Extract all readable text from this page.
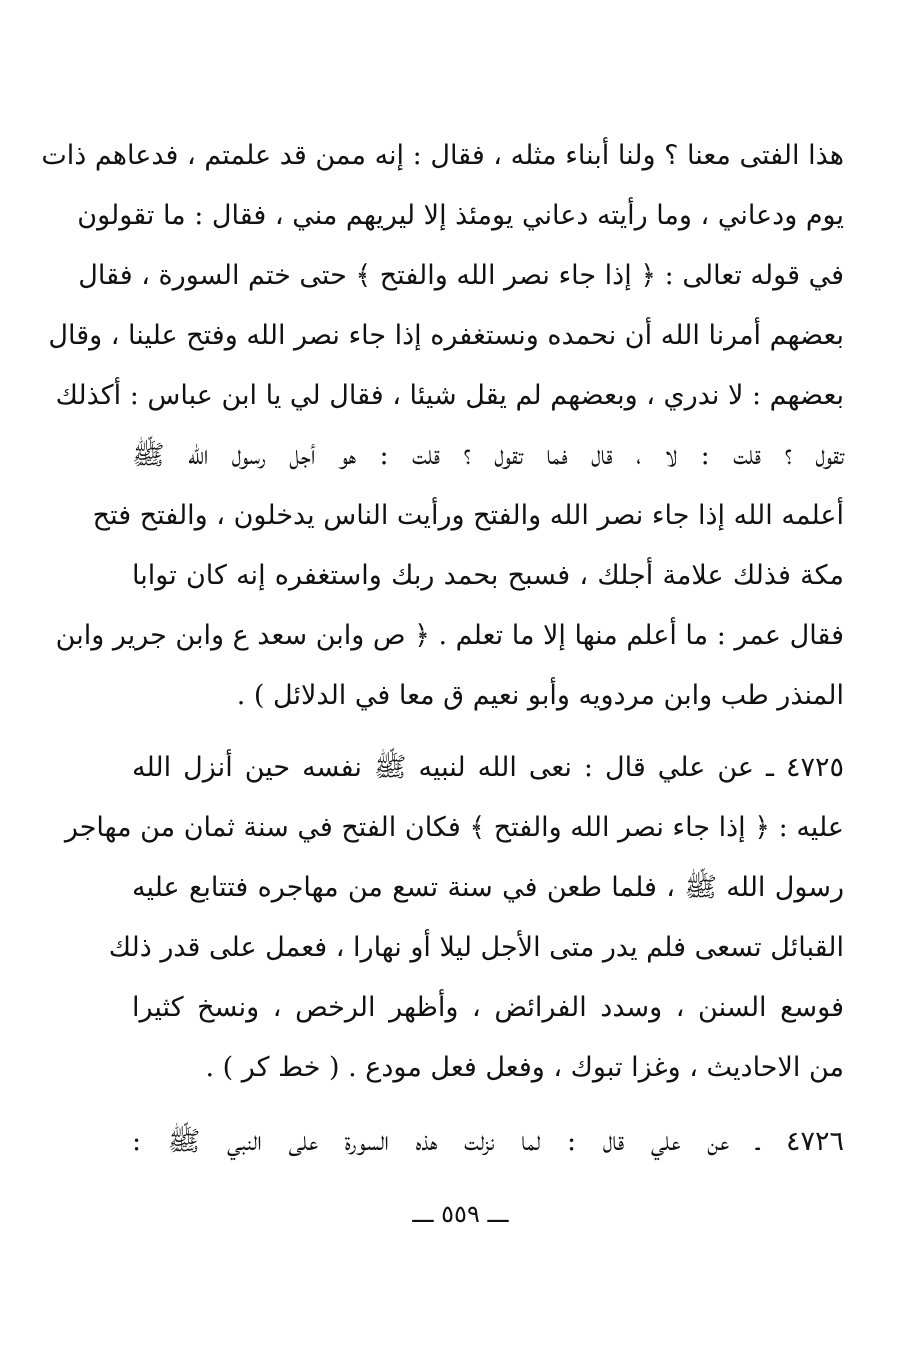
هذا الفتى معنا ؟ ولنا أبناء مثله ، فقال : إنه ممن قد علمتم ، فدعاهم ذات
يوم ودعاني ، وما رأيته دعاني يومئذ إلا ليريهم مني ، فقال : ما تقولون
في قوله تعالى : ﴿ إذا جاء نصر الله والفتح ﴾ حتى ختم السورة ، فقال
بعضهم أمرنا الله أن نحمده ونستغفره إذا جاء نصر الله وفتح علينا ، وقال
بعضهم : لا ندري ، وبعضهم لم يقل شيئا ، فقال لي يا ابن عباس : أكذلك
تقول ؟ قلت : لا ، قال فما تقول ؟ قلت : هو أجل رسول الله ﷺ
أعلمه الله إذا جاء نصر الله والفتح ورأيت الناس يدخلون ، والفتح فتح
مكة فذلك علامة أجلك ، فسبح بحمد ربك واستغفره إنه كان توابا
فقال عمر : ما أعلم منها إلا ما تعلم . ﴿ ص وابن سعد ع وابن جرير وابن
المنذر طب وابن مردويه وأبو نعيم ق معا في الدلائل ) .
٤٧٢٥ ـ عن علي قال : نعى الله لنبيه ﷺ نفسه حين أنزل الله
عليه : ﴿ إذا جاء نصر الله والفتح ﴾ فكان الفتح في سنة ثمان من مهاجر
رسول الله ﷺ ، فلما طعن في سنة تسع من مهاجره فتتابع عليه
القبائل تسعى فلم يدر متى الأجل ليلا أو نهارا ، فعمل على قدر ذلك
فوسع السنن ، وسدد الفرائض ، وأظهر الرخص ، ونسخ كثيرا
من الاحاديث ، وغزا تبوك ، وفعل فعل مودع . ( خط كر ) .
٤٧٢٦ ـ عن علي قال : لما نزلت هذه السورة على النبي ﷺ :
ـــ ٥٥٩ ـــ
